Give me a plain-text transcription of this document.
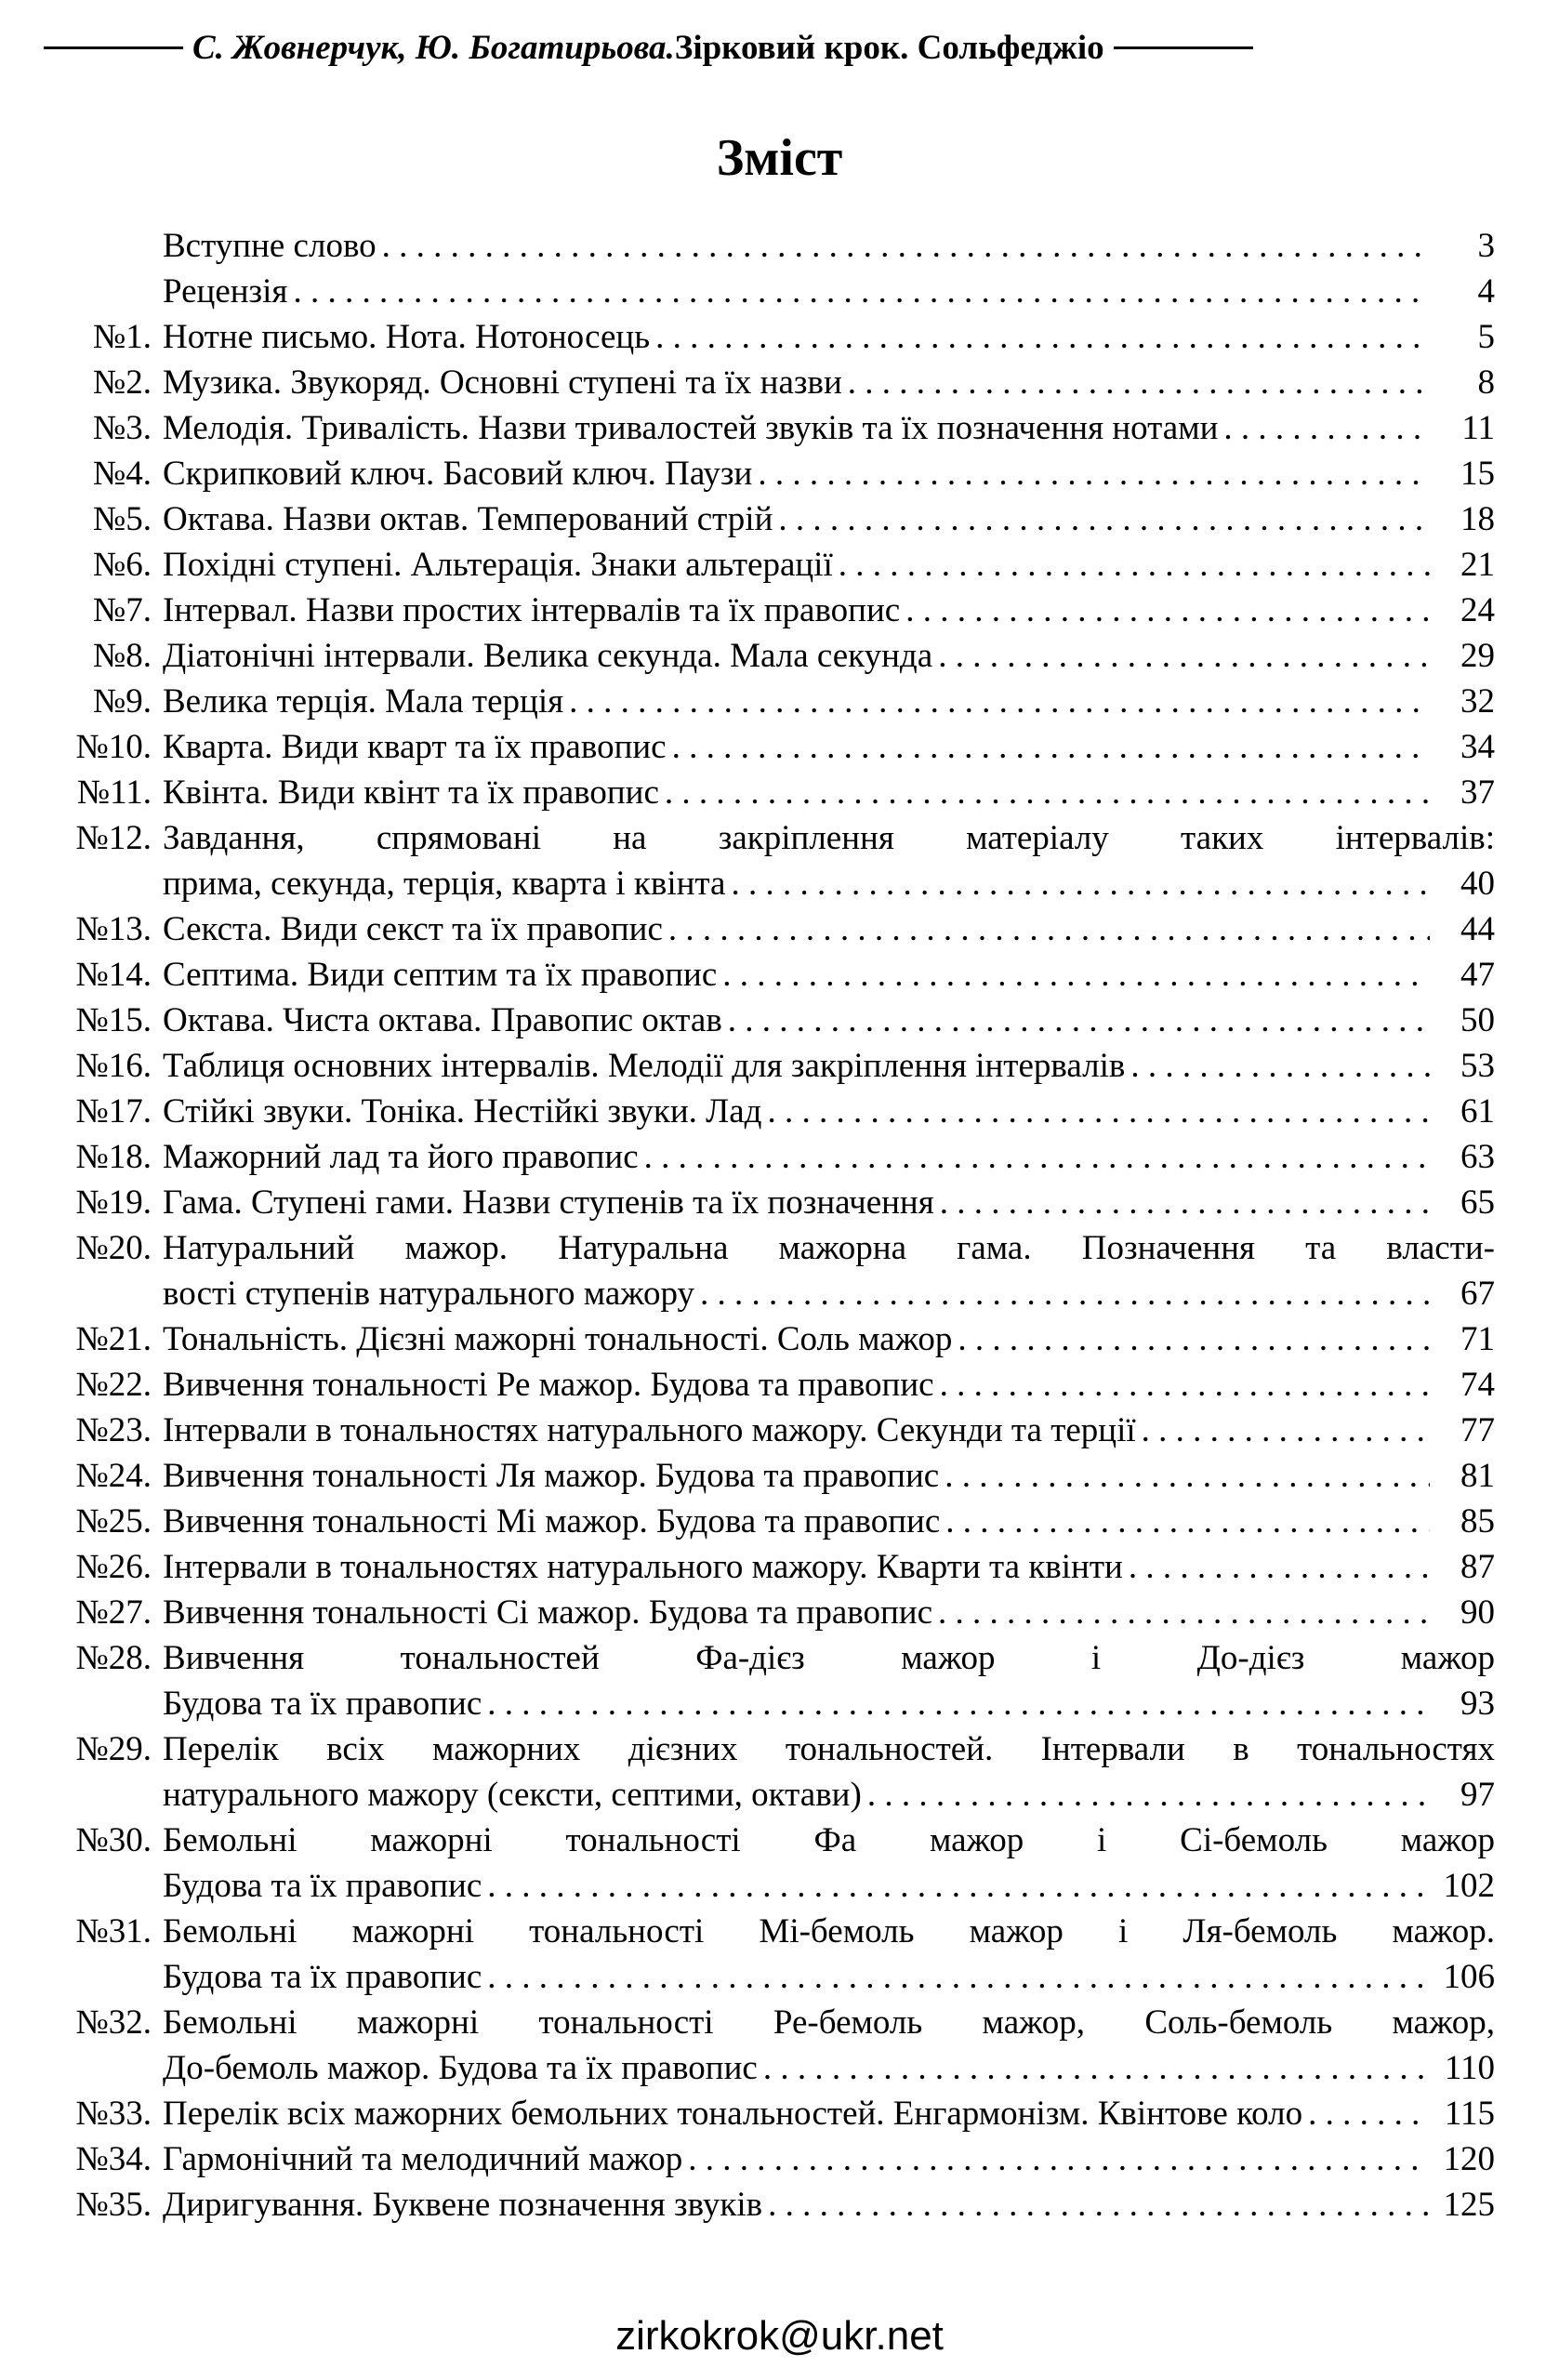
С. Жовнерчук, Ю. Богатирьова.Зірковий крок. Сольфеджіо
Зміст
Вступне слово . . .	3
Рецензія . . .	4
№1. Нотне письмо. Нота. Нотоносець . . .	5
№2. Музика. Звукоряд. Основні ступені та їх назви . . .	8
№3. Мелодія. Тривалість. Назви тривалостей звуків та їх позначення нотами . . .	11
№4. Скрипковий ключ. Басовий ключ. Паузи . . .	15
№5. Октава. Назви октав. Темперований стрій . . .	18
№6. Похідні ступені. Альтерація. Знаки альтерації . . .	21
№7. Інтервал. Назви простих інтервалів та їх правопис . . .	24
№8. Діатонічні інтервали. Велика секунда. Мала секунда . . .	29
№9. Велика терція. Мала терція . . .	32
№10. Кварта. Види кварт та їх правопис . . .	34
№11. Квінта. Види квінт та їх правопис . . .	37
№12. Завдання, спрямовані на закріплення матеріалу таких інтервалів:
прима, секунда, терція, кварта і квінта . . .	40
№13. Секста. Види секст та їх правопис . . .	44
№14. Септима. Види септим та їх правопис . . .	47
№15. Октава. Чиста октава. Правопис октав . . .	50
№16. Таблиця основних інтервалів. Мелодії для закріплення інтервалів . . .	53
№17. Стійкі звуки. Тоніка. Нестійкі звуки. Лад . . .	61
№18. Мажорний лад та його правопис . . .	63
№19. Гама. Ступені гами. Назви ступенів та їх позначення . . .	65
№20. Натуральний мажор. Натуральна мажорна гама. Позначення та власти-
вості ступенів натурального мажору . . .	67
№21. Тональність. Дієзні мажорні тональності. Соль мажор . . .	71
№22. Вивчення тональності Ре мажор. Будова та правопис . . .	74
№23. Інтервали в тональностях натурального мажору. Секунди та терції . . .	77
№24. Вивчення тональності Ля мажор. Будова та правопис . . .	81
№25. Вивчення тональності Мі мажор. Будова та правопис . . .	85
№26. Інтервали в тональностях натурального мажору. Кварти та квінти . . .	87
№27. Вивчення тональності Сі мажор. Будова та правопис . . .	90
№28. Вивчення тональностей Фа-дієз мажор і До-дієз мажор
Будова та їх правопис . . .	93
№29. Перелік всіх мажорних дієзних тональностей. Інтервали в тональностях
натурального мажору (сексти, септими, октави) . . .	97
№30. Бемольні мажорні тональності Фа мажор і Сі-бемоль мажор
Будова та їх правопис . . .	102
№31. Бемольні мажорні тональності Мі-бемоль мажор і Ля-бемоль мажор.
Будова та їх правопис . . .	106
№32. Бемольні мажорні тональності Ре-бемоль мажор, Соль-бемоль мажор,
До-бемоль мажор. Будова та їх правопис . . .	110
№33. Перелік всіх мажорних бемольних тональностей. Енгармонізм. Квінтове коло . . .	115
№34. Гармонічний та мелодичний мажор . . .	120
№35. Диригування. Буквене позначення звуків . . .	125
zirkokrok@ukr.net
